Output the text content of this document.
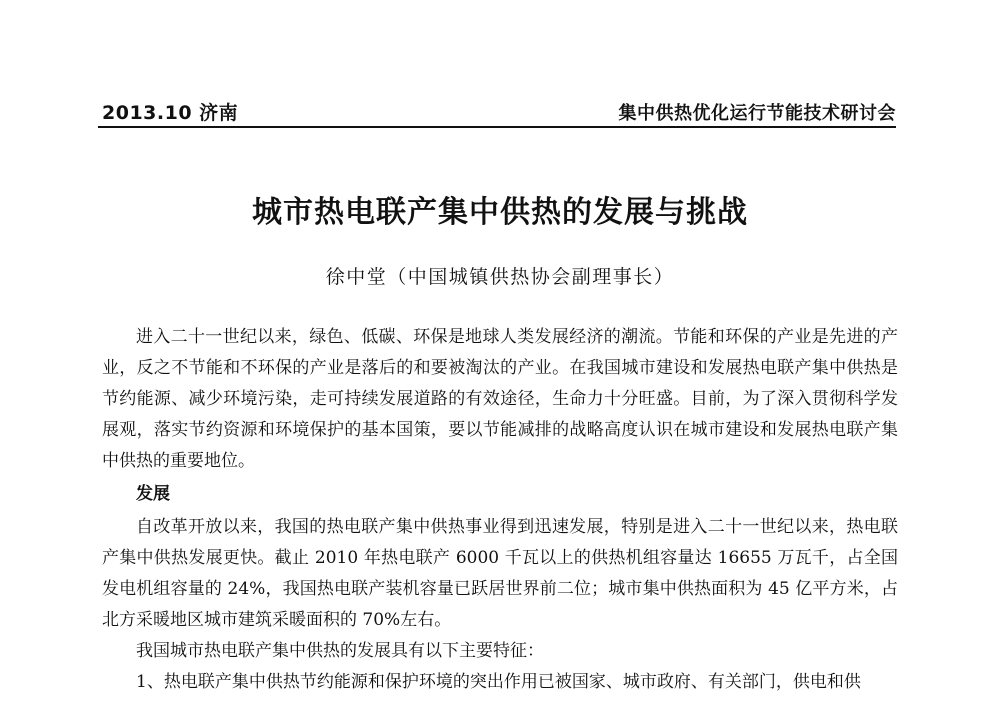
2013.10 济南	集中供热优化运行节能技术研讨会
城市热电联产集中供热的发展与挑战
徐中堂（中国城镇供热协会副理事长）

进入二十一世纪以来，绿色、低碳、环保是地球人类发展经济的潮流。节能和环保的产业是先进的产业，反之不节能和不环保的产业是落后的和要被淘汰的产业。在我国城市建设和发展热电联产集中供热是节约能源、减少环境污染，走可持续发展道路的有效途径，生命力十分旺盛。目前，为了深入贯彻科学发展观，落实节约资源和环境保护的基本国策，要以节能减排的战略高度认识在城市建设和发展热电联产集中供热的重要地位。

发展

自改革开放以来，我国的热电联产集中供热事业得到迅速发展，特别是进入二十一世纪以来，热电联产集中供热发展更快。截止 2010 年热电联产 6000 千瓦以上的供热机组容量达 16655 万瓦千，占全国发电机组容量的 24%，我国热电联产装机容量已跃居世界前二位；城市集中供热面积为 45 亿平方米，占北方采暖地区城市建筑采暖面积的 70%左右。

我国城市热电联产集中供热的发展具有以下主要特征：

1、热电联产集中供热节约能源和保护环境的突出作用已被国家、城市政府、有关部门，供电和供
